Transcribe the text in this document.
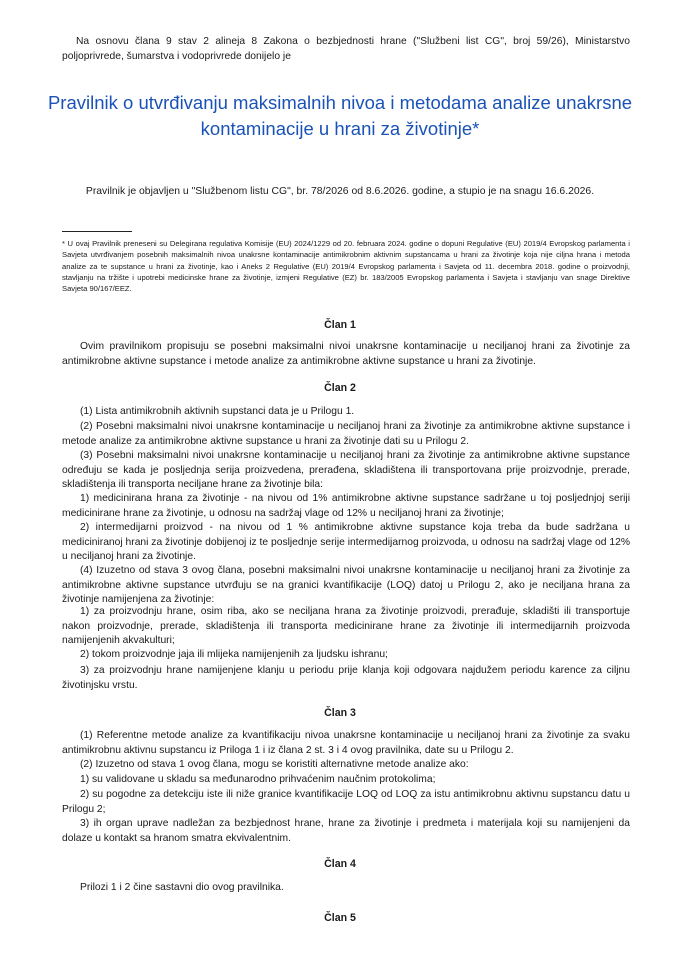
Na osnovu člana 9 stav 2 alineja 8 Zakona o bezbjednosti hrane ("Službeni list CG", broj 59/26), Ministarstvo poljoprivrede, šumarstva i vodoprivrede donijelo je

Pravilnik o utvrđivanju maksimalnih nivoa i metodama analize unakrsne kontaminacije u hrani za životinje*
Pravilnik je objavljen u "Službenom listu CG", br. 78/2026 od 8.6.2026. godine, a stupio je na snagu 16.6.2026.

* U ovaj Pravilnik preneseni su Delegirana regulativa Komisije (EU) 2024/1229 od 20. februara 2024. godine o dopuni Regulative (EU) 2019/4 Evropskog parlamenta i Savjeta utvrđivanjem posebnih maksimalnih nivoa unakrsne kontaminacije antimikrobnim aktivnim supstancama u hrani za životinje koja nije ciljna hrana i metoda analize za te supstance u hrani za životinje, kao i Aneks 2 Regulative (EU) 2019/4 Evropskog parlamenta i Savjeta od 11. decembra 2018. godine o proizvodnji, stavljanju na tržište i upotrebi medicinske hrane za životinje, izmjeni Regulative (EZ) br. 183/2005 Evropskog parlamenta i Savjeta i stavljanju van snage Direktive Savjeta 90/167/EEZ.

Član 1

Ovim pravilnikom propisuju se posebni maksimalni nivoi unakrsne kontaminacije u neciljanoj hrani za životinje za antimikrobne aktivne supstance i metode analize za antimikrobne aktivne supstance u hrani za životinje.

Član 2

(1) Lista antimikrobnih aktivnih supstanci data je u Prilogu 1.

(2) Posebni maksimalni nivoi unakrsne kontaminacije u neciljanoj hrani za životinje za antimikrobne aktivne supstance i metode analize za antimikrobne aktivne supstance u hrani za životinje dati su u Prilogu 2.

(3) Posebni maksimalni nivoi unakrsne kontaminacije u neciljanoj hrani za životinje za antimikrobne aktivne supstance određuju se kada je posljednja serija proizvedena, prerađena, skladištena ili transportovana prije proizvodnje, prerade, skladištenja ili transporta neciljane hrane za životinje bila:

1) medicinirana hrana za životinje - na nivou od 1% antimikrobne aktivne supstance sadržane u toj posljednjoj seriji medicinirane hrane za životinje, u odnosu na sadržaj vlage od 12% u neciljanoj hrani za životinje;

2) intermedijarni proizvod - na nivou od 1 % antimikrobne aktivne supstance koja treba da bude sadržana u mediciniranoj hrani za životinje dobijenoj iz te posljednje serije intermedijarnog proizvoda, u odnosu na sadržaj vlage od 12% u neciljanoj hrani za životinje.

(4) Izuzetno od stava 3 ovog člana, posebni maksimalni nivoi unakrsne kontaminacije u neciljanoj hrani za životinje za antimikrobne aktivne supstance utvrđuju se na granici kvantifikacije (LOQ) datoj u Prilogu 2, ako je neciljana hrana za životinje namijenjena za životinje:

1) za proizvodnju hrane, osim riba, ako se neciljana hrana za životinje proizvodi, prerađuje, skladišti ili transportuje nakon proizvodnje, prerade, skladištenja ili transporta medicinirane hrane za životinje ili intermedijarnih proizvoda namijenjenih akvakulturi;

2) tokom proizvodnje jaja ili mlijeka namijenjenih za ljudsku ishranu;

3) za proizvodnju hrane namijenjene klanju u periodu prije klanja koji odgovara najdužem periodu karence za ciljnu životinjsku vrstu.

Član 3

(1) Referentne metode analize za kvantifikaciju nivoa unakrsne kontaminacije u neciljanoj hrani za životinje za svaku antimikrobnu aktivnu supstancu iz Priloga 1 i iz člana 2 st. 3 i 4 ovog pravilnika, date su u Prilogu 2.

(2) Izuzetno od stava 1 ovog člana, mogu se koristiti alternativne metode analize ako:

1) su validovane u skladu sa međunarodno prihvaćenim naučnim protokolima;

2) su pogodne za detekciju iste ili niže granice kvantifikacije LOQ od LOQ za istu antimikrobnu aktivnu supstancu datu u Prilogu 2;

3) ih organ uprave nadležan za bezbjednost hrane, hrane za životinje i predmeta i materijala koji su namijenjeni da dolaze u kontakt sa hranom smatra ekvivalentnim.

Član 4

Prilozi 1 i 2 čine sastavni dio ovog pravilnika.

Član 5
